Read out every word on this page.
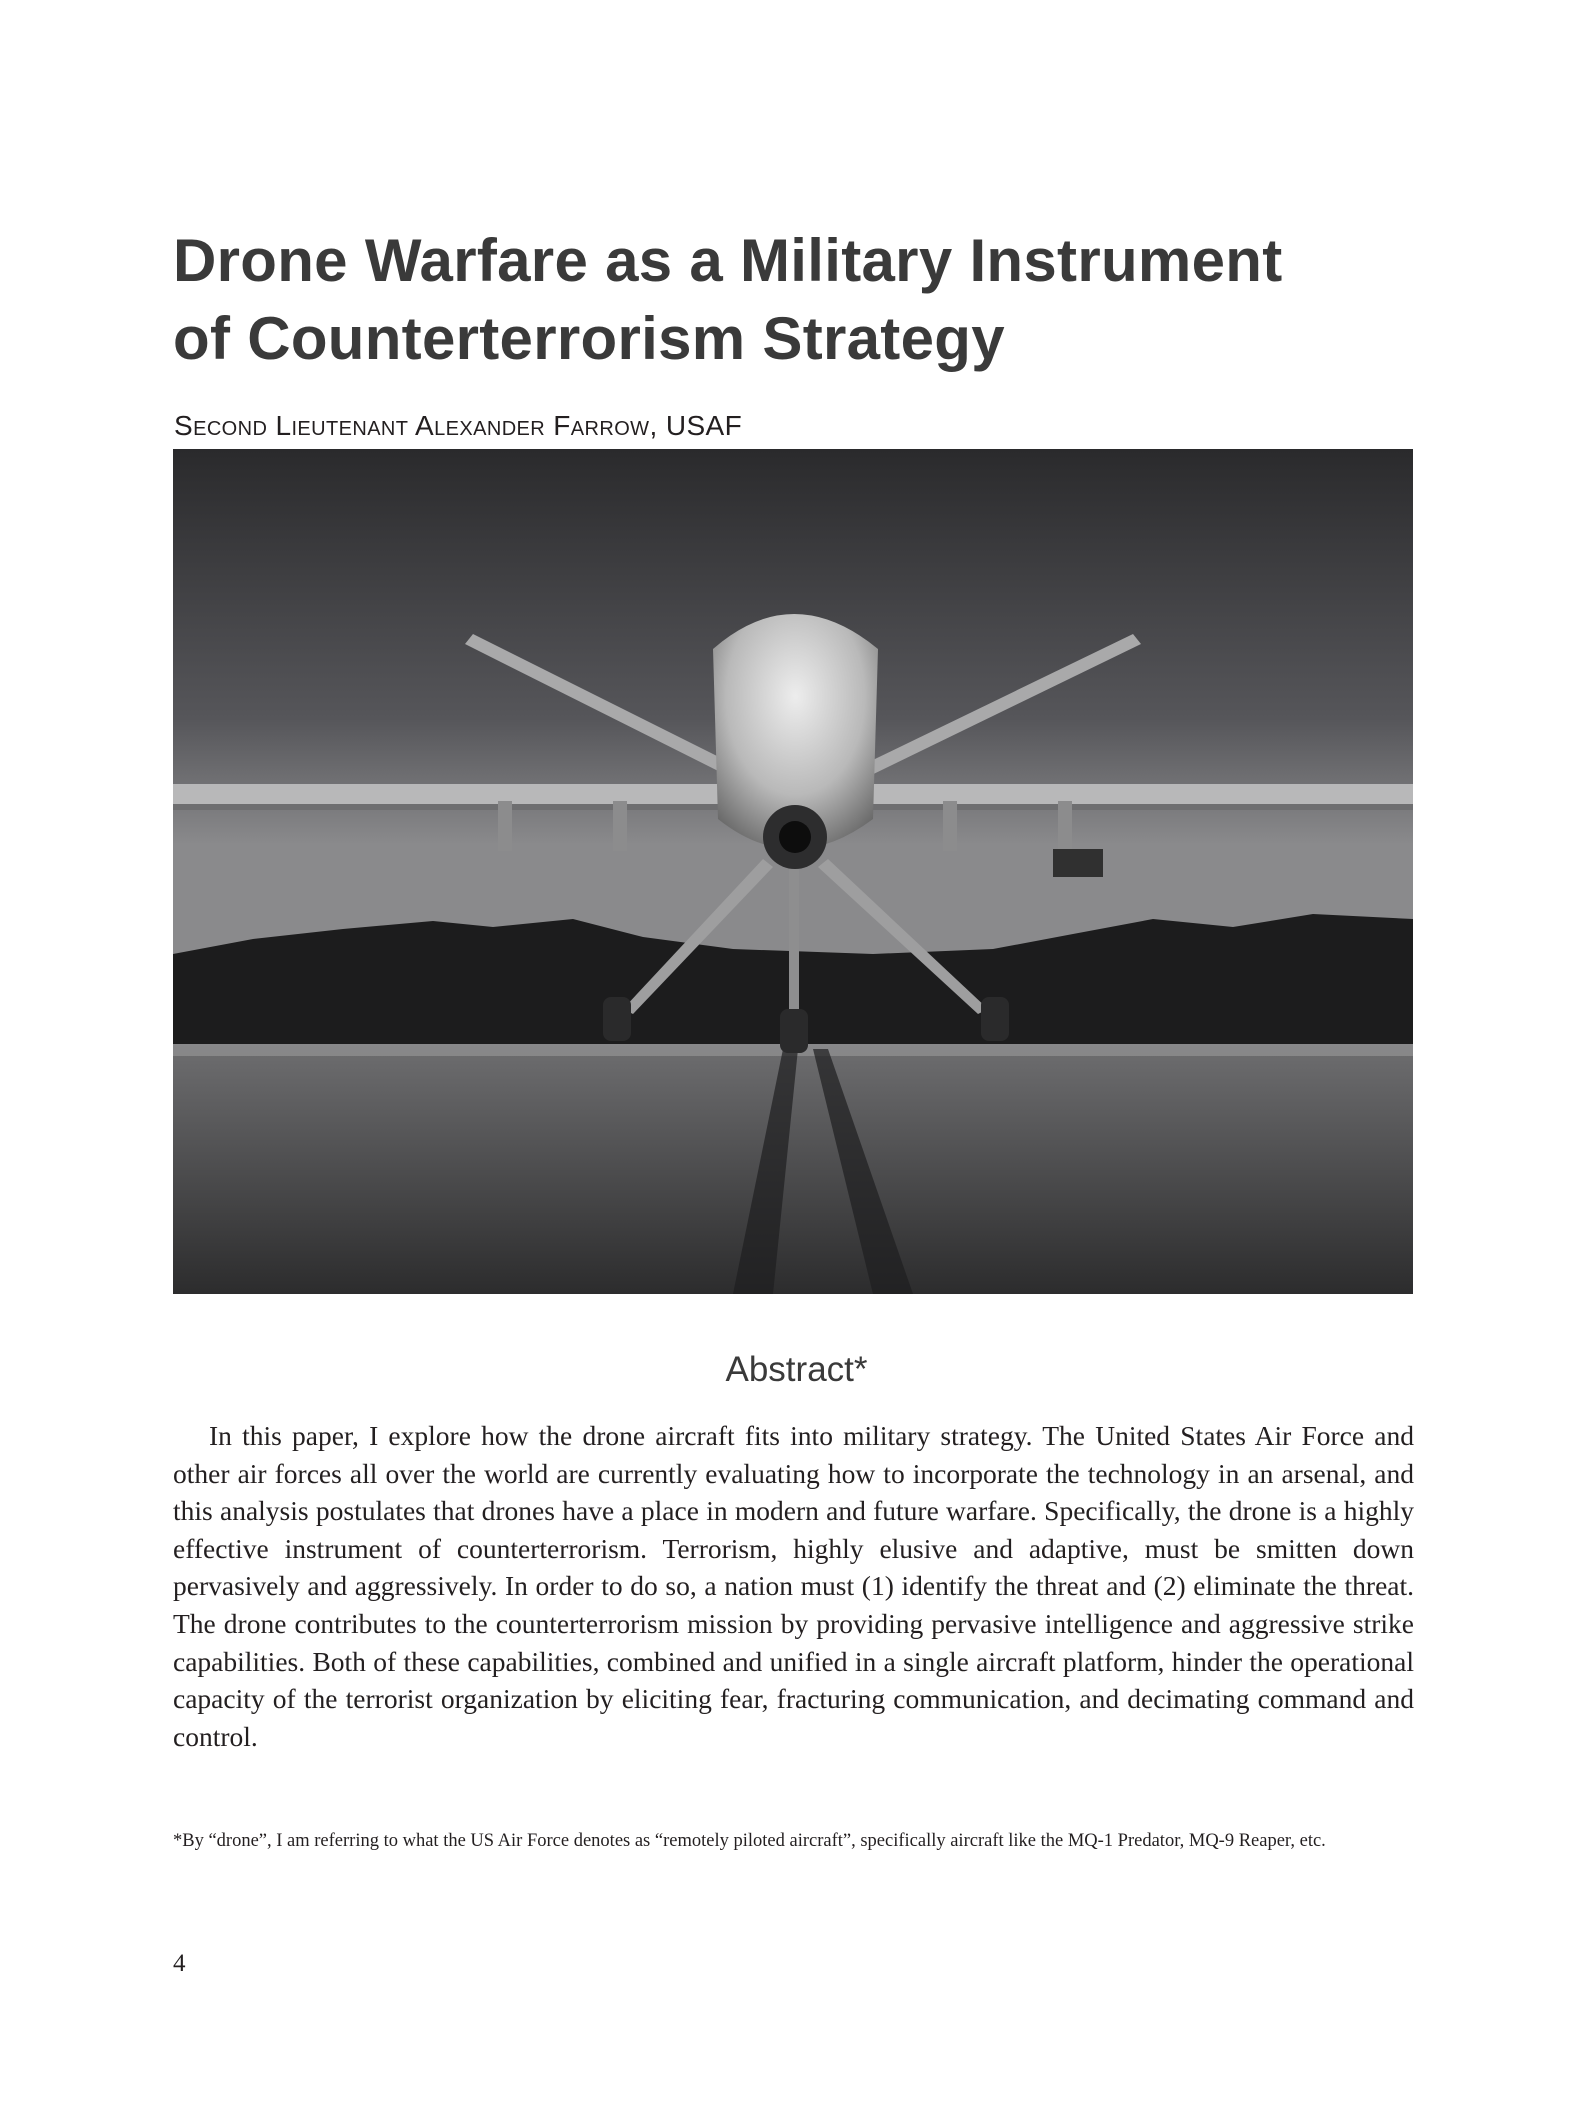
Drone Warfare as a Military Instrument
of Counterterrorism Strategy
Second Lieutenant Alexander Farrow, USAF
Abstract*

In this paper, I explore how the drone aircraft fits into military strategy. The United States Air Force and other air forces all over the world are currently evaluating how to incorporate the technology in an arsenal, and this analysis postulates that drones have a place in modern and future warfare. Specifically, the drone is a highly effective instrument of counterterrorism. Terrorism, highly elusive and adaptive, must be smitten down pervasively and aggressively. In order to do so, a nation must (1) identify the threat and (2) eliminate the threat. The drone contributes to the counterterrorism mission by providing pervasive intelligence and aggressive strike capabilities. Both of these capabilities, combined and unified in a single aircraft platform, hinder the operational capacity of the terrorist organization by eliciting fear, fracturing communication, and decimating command and control.

*By “drone”, I am referring to what the US Air Force denotes as “remotely piloted aircraft”, specifically aircraft like the MQ-1 Predator, MQ-9 Reaper, etc.

4
